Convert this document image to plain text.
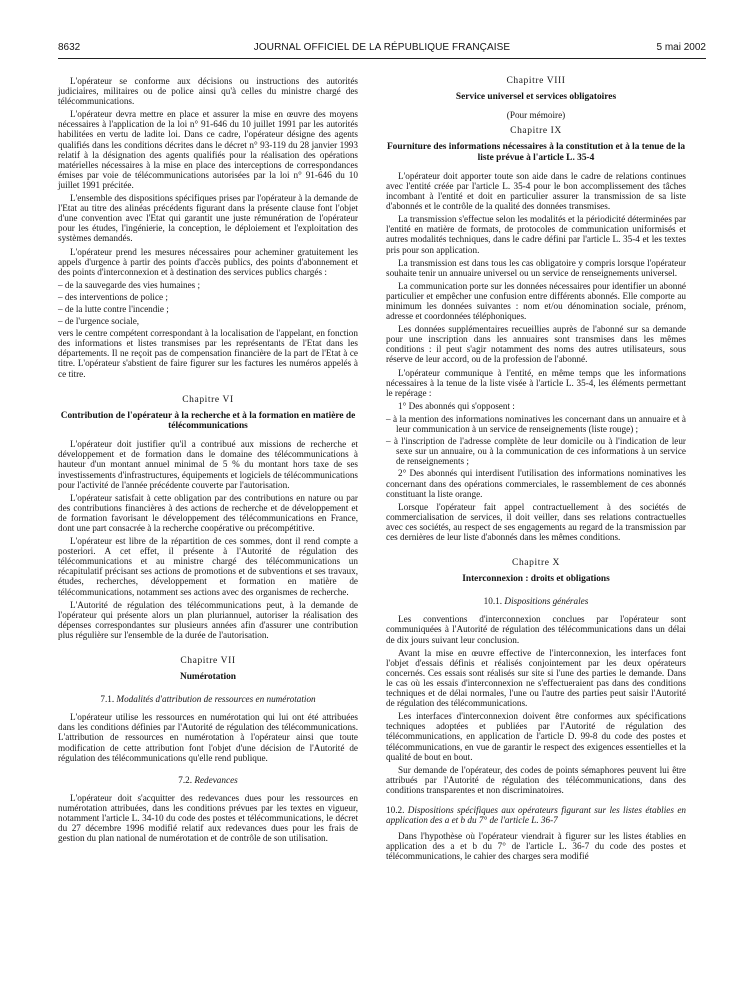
8632	JOURNAL OFFICIEL DE LA RÉPUBLIQUE FRANÇAISE	5 mai 2002

L'opérateur se conforme aux décisions ou instructions des autorités judiciaires, militaires ou de police ainsi qu'à celles du ministre chargé des télécommunications.

L'opérateur devra mettre en place et assurer la mise en œuvre des moyens nécessaires à l'application de la loi n° 91-646 du 10 juillet 1991 par les autorités habilitées en vertu de ladite loi. Dans ce cadre, l'opérateur désigne des agents qualifiés dans les conditions décrites dans le décret n° 93-119 du 28 janvier 1993 relatif à la désignation des agents qualifiés pour la réalisation des opérations matérielles nécessaires à la mise en place des interceptions de correspondances émises par voie de télécommunications autorisées par la loi n° 91-646 du 10 juillet 1991 précitée.

L'ensemble des dispositions spécifiques prises par l'opérateur à la demande de l'Etat au titre des alinéas précédents figurant dans la présente clause font l'objet d'une convention avec l'Etat qui garantit une juste rémunération de l'opérateur pour les études, l'ingénierie, la conception, le déploiement et l'exploitation des systèmes demandés.

L'opérateur prend les mesures nécessaires pour acheminer gratuitement les appels d'urgence à partir des points d'accès publics, des points d'abonnement et des points d'interconnexion et à destination des services publics chargés :

– de la sauvegarde des vies humaines ;

– des interventions de police ;

– de la lutte contre l'incendie ;

– de l'urgence sociale,

vers le centre compétent correspondant à la localisation de l'appelant, en fonction des informations et listes transmises par les représentants de l'Etat dans les départements. Il ne reçoit pas de compensation financière de la part de l'Etat à ce titre. L'opérateur s'abstient de faire figurer sur les factures les numéros appelés à ce titre.

Chapitre VI
Contribution de l'opérateur à la recherche et à la formation en matière de télécommunications

L'opérateur doit justifier qu'il a contribué aux missions de recherche et développement et de formation dans le domaine des télécommunications à hauteur d'un montant annuel minimal de 5 % du montant hors taxe de ses investissements d'infrastructures, équipements et logiciels de télécommunications pour l'activité de l'année précédente couverte par l'autorisation.

L'opérateur satisfait à cette obligation par des contributions en nature ou par des contributions financières à des actions de recherche et de développement et de formation favorisant le développement des télécommunications en France, dont une part consacrée à la recherche coopérative ou précompétitive.

L'opérateur est libre de la répartition de ces sommes, dont il rend compte a posteriori. A cet effet, il présente à l'Autorité de régulation des télécommunications et au ministre chargé des télécommunications un récapitulatif précisant ses actions de promotions et de subventions et ses travaux, études, recherches, développement et formation en matière de télécommunications, notamment ses actions avec des organismes de recherche.

L'Autorité de régulation des télécommunications peut, à la demande de l'opérateur qui présente alors un plan pluriannuel, autoriser la réalisation des dépenses correspondantes sur plusieurs années afin d'assurer une contribution plus régulière sur l'ensemble de la durée de l'autorisation.

Chapitre VII
Numérotation
7.1. Modalités d'attribution de ressources en numérotation

L'opérateur utilise les ressources en numérotation qui lui ont été attribuées dans les conditions définies par l'Autorité de régulation des télécommunications. L'attribution de ressources en numérotation à l'opérateur ainsi que toute modification de cette attribution font l'objet d'une décision de l'Autorité de régulation des télécommunications qu'elle rend publique.

7.2. Redevances

L'opérateur doit s'acquitter des redevances dues pour les ressources en numérotation attribuées, dans les conditions prévues par les textes en vigueur, notamment l'article L. 34-10 du code des postes et télécommunications, le décret du 27 décembre 1996 modifié relatif aux redevances dues pour les frais de gestion du plan national de numérotation et de contrôle de son utilisation.

Chapitre VIII
Service universel et services obligatoires
(Pour mémoire)
Chapitre IX
Fourniture des informations nécessaires à la constitution et à la tenue de la liste prévue à l'article L. 35-4

L'opérateur doit apporter toute son aide dans le cadre de relations continues avec l'entité créée par l'article L. 35-4 pour le bon accomplissement des tâches incombant à l'entité et doit en particulier assurer la transmission de sa liste d'abonnés et le contrôle de la qualité des données transmises.

La transmission s'effectue selon les modalités et la périodicité déterminées par l'entité en matière de formats, de protocoles de communication uniformisés et autres modalités techniques, dans le cadre défini par l'article L. 35-4 et les textes pris pour son application.

La transmission est dans tous les cas obligatoire y compris lorsque l'opérateur souhaite tenir un annuaire universel ou un service de renseignements universel.

La communication porte sur les données nécessaires pour identifier un abonné particulier et empêcher une confusion entre différents abonnés. Elle comporte au minimum les données suivantes : nom et/ou dénomination sociale, prénom, adresse et coordonnées téléphoniques.

Les données supplémentaires recueillies auprès de l'abonné sur sa demande pour une inscription dans les annuaires sont transmises dans les mêmes conditions : il peut s'agir notamment des noms des autres utilisateurs, sous réserve de leur accord, ou de la profession de l'abonné.

L'opérateur communique à l'entité, en même temps que les informations nécessaires à la tenue de la liste visée à l'article L. 35-4, les éléments permettant le repérage :

1° Des abonnés qui s'opposent :

– à la mention des informations nominatives les concernant dans un annuaire et à leur communication à un service de renseignements (liste rouge) ;

– à l'inscription de l'adresse complète de leur domicile ou à l'indication de leur sexe sur un annuaire, ou à la communication de ces informations à un service de renseignements ;

2° Des abonnés qui interdisent l'utilisation des informations nominatives les concernant dans des opérations commerciales, le rassemblement de ces abonnés constituant la liste orange.

Lorsque l'opérateur fait appel contractuellement à des sociétés de commercialisation de services, il doit veiller, dans ses relations contractuelles avec ces sociétés, au respect de ses engagements au regard de la transmission par ces dernières de leur liste d'abonnés dans les mêmes conditions.

Chapitre X
Interconnexion : droits et obligations
10.1. Dispositions générales

Les conventions d'interconnexion conclues par l'opérateur sont communiquées à l'Autorité de régulation des télécommunications dans un délai de dix jours suivant leur conclusion.

Avant la mise en œuvre effective de l'interconnexion, les interfaces font l'objet d'essais définis et réalisés conjointement par les deux opérateurs concernés. Ces essais sont réalisés sur site si l'une des parties le demande. Dans le cas où les essais d'interconnexion ne s'effectueraient pas dans des conditions techniques et de délai normales, l'une ou l'autre des parties peut saisir l'Autorité de régulation des télécommunications.

Les interfaces d'interconnexion doivent être conformes aux spécifications techniques adoptées et publiées par l'Autorité de régulation des télécommunications, en application de l'article D. 99-8 du code des postes et télécommunications, en vue de garantir le respect des exigences essentielles et la qualité de bout en bout.

Sur demande de l'opérateur, des codes de points sémaphores peuvent lui être attribués par l'Autorité de régulation des télécommunications, dans des conditions transparentes et non discriminatoires.

10.2. Dispositions spécifiques aux opérateurs figurant sur les listes établies en application des a et b du 7° de l'article L. 36-7

Dans l'hypothèse où l'opérateur viendrait à figurer sur les listes établies en application des a et b du 7° de l'article L. 36-7 du code des postes et télécommunications, le cahier des charges sera modifié
